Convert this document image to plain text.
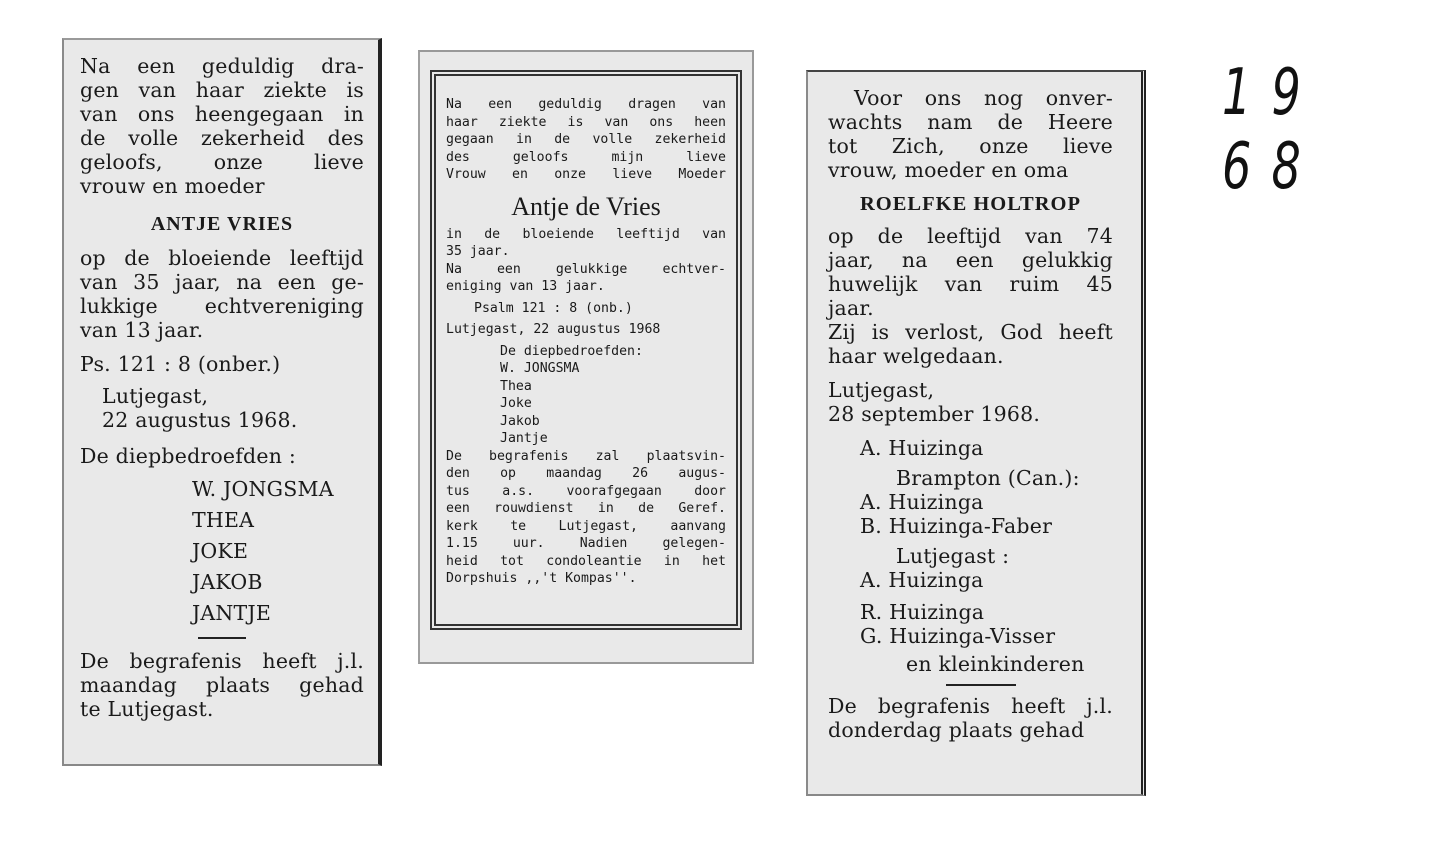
Na een geduldig dra-

gen van haar ziekte is

van ons heengegaan in

de volle zekerheid des

geloofs, onze lieve

vrouw en moeder

ANTJE VRIES

op de bloeiende leeftijd

van 35 jaar, na een ge-

lukkige echtvereniging

van 13 jaar.

Ps. 121 : 8 (onber.)

Lutjegast,

22 augustus 1968.

De diepbedroefden :

W. JONGSMA

THEA

JOKE

JAKOB

JANTJE

De begrafenis heeft j.l.

maandag plaats gehad

te Lutjegast.

Na een geduldig dragen van

haar ziekte is van ons heen

gegaan in de volle zekerheid

des geloofs mijn lieve

Vrouw en onze lieve Moeder

Antje de Vries

in de bloeiende leeftijd van

35 jaar.

Na een gelukkige echtver-

eniging van 13 jaar.

Psalm 121 : 8 (onb.)

Lutjegast, 22 augustus 1968

De diepbedroefden:

W. JONGSMA

Thea

Joke

Jakob

Jantje

De begrafenis zal plaatsvin-

den op maandag 26 augus-

tus a.s. voorafgegaan door

een rouwdienst in de Geref.

kerk te Lutjegast, aanvang

1.15 uur. Nadien gelegen-

heid tot condoleantie in het

Dorpshuis ,,'t Kompas''.

Voor ons nog onver-

wachts nam de Heere

tot Zich, onze lieve

vrouw, moeder en oma

ROELFKE HOLTROP

op de leeftijd van 74

jaar, na een gelukkig

huwelijk van ruim 45

jaar.

Zij is verlost, God heeft

haar welgedaan.

Lutjegast,

28 september 1968.

A. Huizinga

Brampton (Can.):

A. Huizinga

B. Huizinga-Faber

Lutjegast :

A. Huizinga

R. Huizinga

G. Huizinga-Visser

en kleinkinderen

De begrafenis heeft j.l.

donderdag plaats gehad

19 68
